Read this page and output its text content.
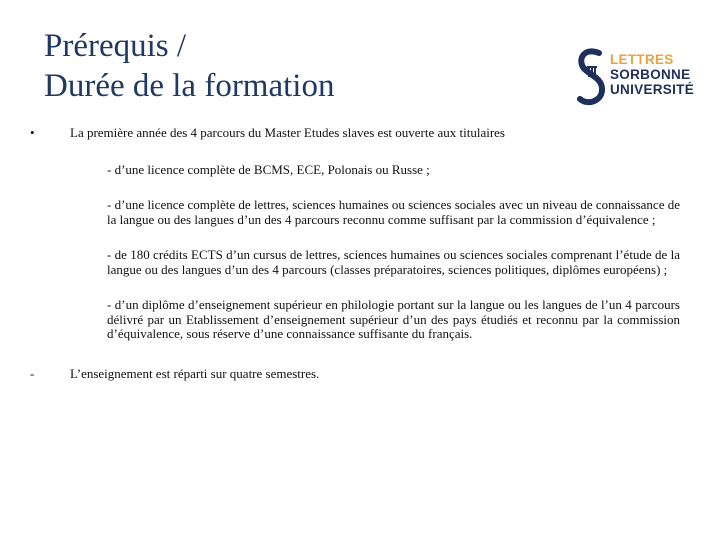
Prérequis /
Durée de la formation
LETTRES
SORBONNE
UNIVERSITÉ
•	La première année des 4 parcours du Master Etudes slaves est ouverte aux titulaires
- d’une licence complète de BCMS, ECE, Polonais ou Russe ;
- d’une licence complète de lettres, sciences humaines ou sciences sociales avec un niveau de connaissance de la langue ou des langues d’un des 4 parcours reconnu comme suffisant par la commission d’équivalence ;
- de 180 crédits ECTS d’un cursus de lettres, sciences humaines ou sciences sociales comprenant l’étude de la langue ou des langues d’un des 4 parcours (classes préparatoires, sciences politiques, diplômes européens) ;
- d’un diplôme d’enseignement supérieur en philologie portant sur la langue ou les langues de l’un 4 parcours délivré par un Etablissement d’enseignement supérieur d’un des pays étudiés et reconnu par la commission d’équivalence, sous réserve d’une connaissance suffisante du français.
-	L’enseignement est réparti sur quatre semestres.
